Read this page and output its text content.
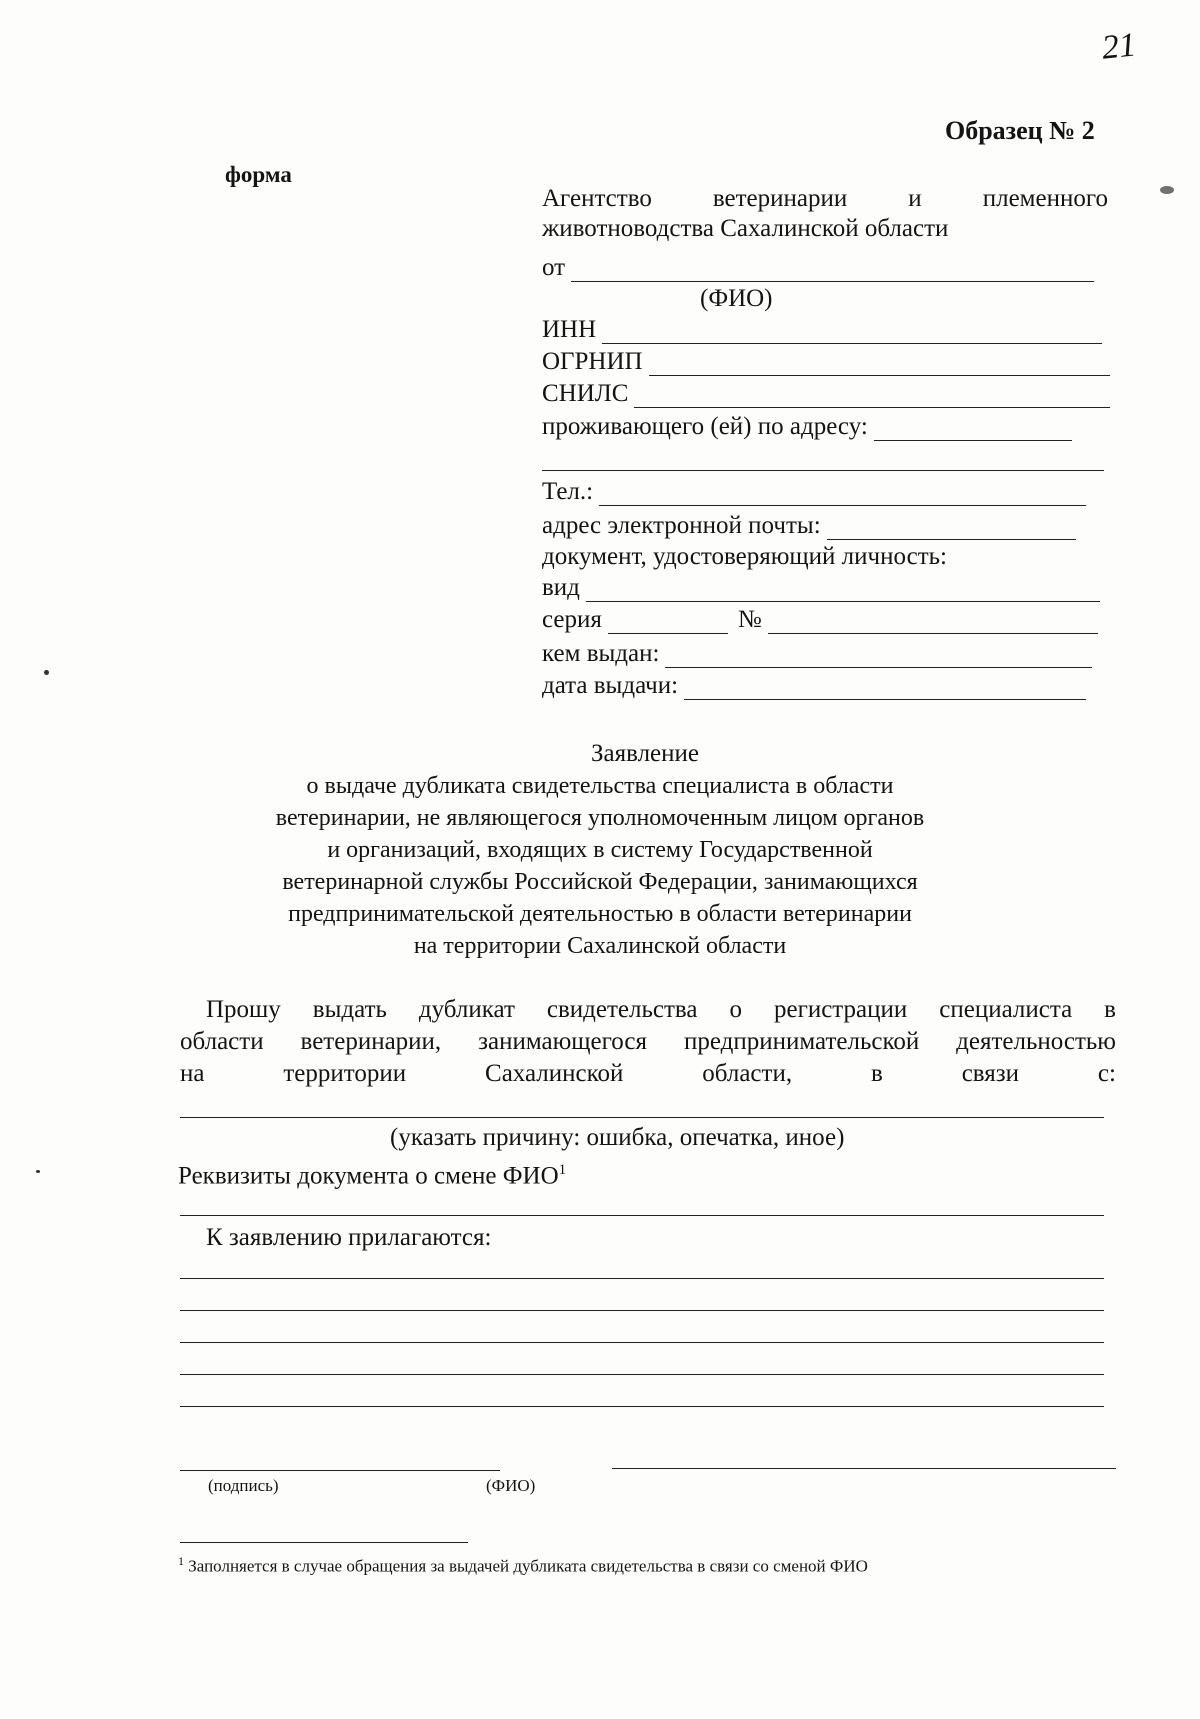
21
Образец № 2
форма
Агентство ветеринарии и племенного
животноводства Сахалинской области
от
(ФИО)
ИНН
ОГРНИП
СНИЛС
проживающего (ей) по адресу:
Тел.:
адрес электронной почты:
документ, удостоверяющий личность:
вид
серия	№
кем выдан:
дата выдачи:
Заявление
о выдаче дубликата свидетельства специалиста в области
ветеринарии, не являющегося уполномоченным лицом органов
и организаций, входящих в систему Государственной
ветеринарной службы Российской Федерации, занимающихся
предпринимательской деятельностью в области ветеринарии
на территории Сахалинской области
Прошу выдать дубликат свидетельства о регистрации специалиста в
области ветеринарии, занимающегося предпринимательской деятельностью
на	территории	Сахалинской	области,	в	связи	с:
(указать причину: ошибка, опечатка, иное)
Реквизиты документа о смене ФИО$^1$
К заявлению прилагаются:
(подпись)	(ФИО)
$^1$ Заполняется в случае обращения за выдачей дубликата свидетельства в связи со сменой ФИО
